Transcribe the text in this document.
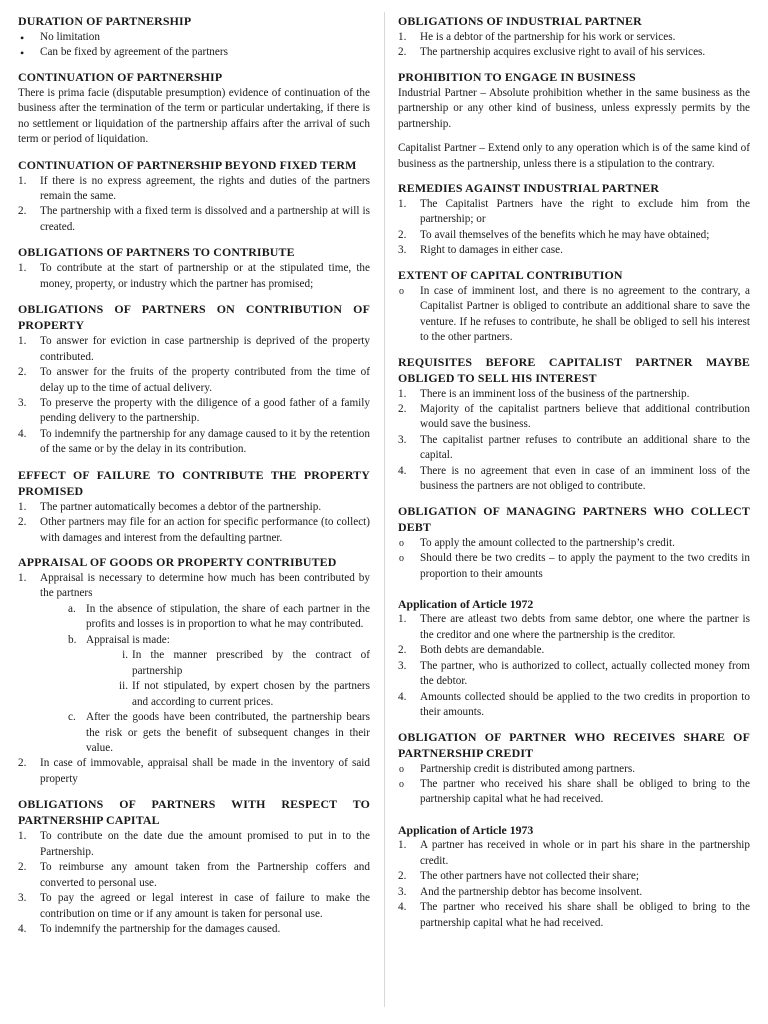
DURATION OF PARTNERSHIP
• No limitation
• Can be fixed by agreement of the partners
CONTINUATION OF PARTNERSHIP

There is prima facie (disputable presumption) evidence of continuation of the business after the termination of the term or particular undertaking, if there is no settlement or liquidation of the partnership affairs after the arrival of such term or period of liquidation.

CONTINUATION OF PARTNERSHIP BEYOND FIXED TERM
1.	If there is no express agreement, the rights and duties of the partners remain the same.
2.	The partnership with a fixed term is dissolved and a partnership at will is created.
OBLIGATIONS OF PARTNERS TO CONTRIBUTE
1.	To contribute at the start of partnership or at the stipulated time, the money, property, or industry which the partner has promised;
OBLIGATIONS OF PARTNERS ON CONTRIBUTION OF PROPERTY
1.	To answer for eviction in case partnership is deprived of the property contributed.
2.	To answer for the fruits of the property contributed from the time of delay up to the time of actual delivery.
3.	To preserve the property with the diligence of a good father of a family pending delivery to the partnership.
4.	To indemnify the partnership for any damage caused to it by the retention of the same or by the delay in its contribution.
EFFECT OF FAILURE TO CONTRIBUTE THE PROPERTY PROMISED
1.	The partner automatically becomes a debtor of the partnership.
2.	Other partners may file for an action for specific performance (to collect) with damages and interest from the defaulting partner.
APPRAISAL OF GOODS OR PROPERTY CONTRIBUTED
1.	Appraisal is necessary to determine how much has been contributed by the partners
a. In the absence of stipulation, the share of each partner in the profits and losses is in proportion to what he may contributed.
b. Appraisal is made:
i. In the manner prescribed by the contract of partnership
ii. If not stipulated, by expert chosen by the partners and according to current prices.
c. After the goods have been contributed, the partnership bears the risk or gets the benefit of subsequent changes in their value.
2.	In case of immovable, appraisal shall be made in the inventory of said property
OBLIGATIONS OF PARTNERS WITH RESPECT TO PARTNERSHIP CAPITAL
1.	To contribute on the date due the amount promised to put in to the Partnership.
2.	To reimburse any amount taken from the Partnership coffers and converted to personal use.
3.	To pay the agreed or legal interest in case of failure to make the contribution on time or if any amount is taken for personal use.
4.	To indemnify the partnership for the damages caused.
OBLIGATIONS OF INDUSTRIAL PARTNER
1.	He is a debtor of the partnership for his work or services.
2.	The partnership acquires exclusive right to avail of his services.
PROHIBITION TO ENGAGE IN BUSINESS

Industrial Partner – Absolute prohibition whether in the same business as the partnership or any other kind of business, unless expressly permits by the partnership.

Capitalist Partner – Extend only to any operation which is of the same kind of business as the partnership, unless there is a stipulation to the contrary.

REMEDIES AGAINST INDUSTRIAL PARTNER
1.	The Capitalist Partners have the right to exclude him from the partnership; or
2.	To avail themselves of the benefits which he may have obtained;
3.	Right to damages in either case.
EXTENT OF CAPITAL CONTRIBUTION
o In case of imminent lost, and there is no agreement to the contrary, a Capitalist Partner is obliged to contribute an additional share to save the venture. If he refuses to contribute, he shall be obliged to sell his interest to the other partners.
REQUISITES BEFORE CAPITALIST PARTNER MAYBE OBLIGED TO SELL HIS INTEREST
1.	There is an imminent loss of the business of the partnership.
2.	Majority of the capitalist partners believe that additional contribution would save the business.
3.	The capitalist partner refuses to contribute an additional share to the capital.
4.	There is no agreement that even in case of an imminent loss of the business the partners are not obliged to contribute.
OBLIGATION OF MANAGING PARTNERS WHO COLLECT DEBT
o To apply the amount collected to the partnership’s credit.
o Should there be two credits – to apply the payment to the two credits in proportion to their amounts
Application of Article 1972
1.	There are atleast two debts from same debtor, one where the partner is the creditor and one where the partnership is the creditor.
2.	Both debts are demandable.
3.	The partner, who is authorized to collect, actually collected money from the debtor.
4.	Amounts collected should be applied to the two credits in proportion to their amounts.
OBLIGATION OF PARTNER WHO RECEIVES SHARE OF PARTNERSHIP CREDIT
o Partnership credit is distributed among partners.
o The partner who received his share shall be obliged to bring to the partnership capital what he had received.
Application of Article 1973
1.	A partner has received in whole or in part his share in the partnership credit.
2.	The other partners have not collected their share;
3.	And the partnership debtor has become insolvent.
4.	The partner who received his share shall be obliged to bring to the partnership capital what he had received.
